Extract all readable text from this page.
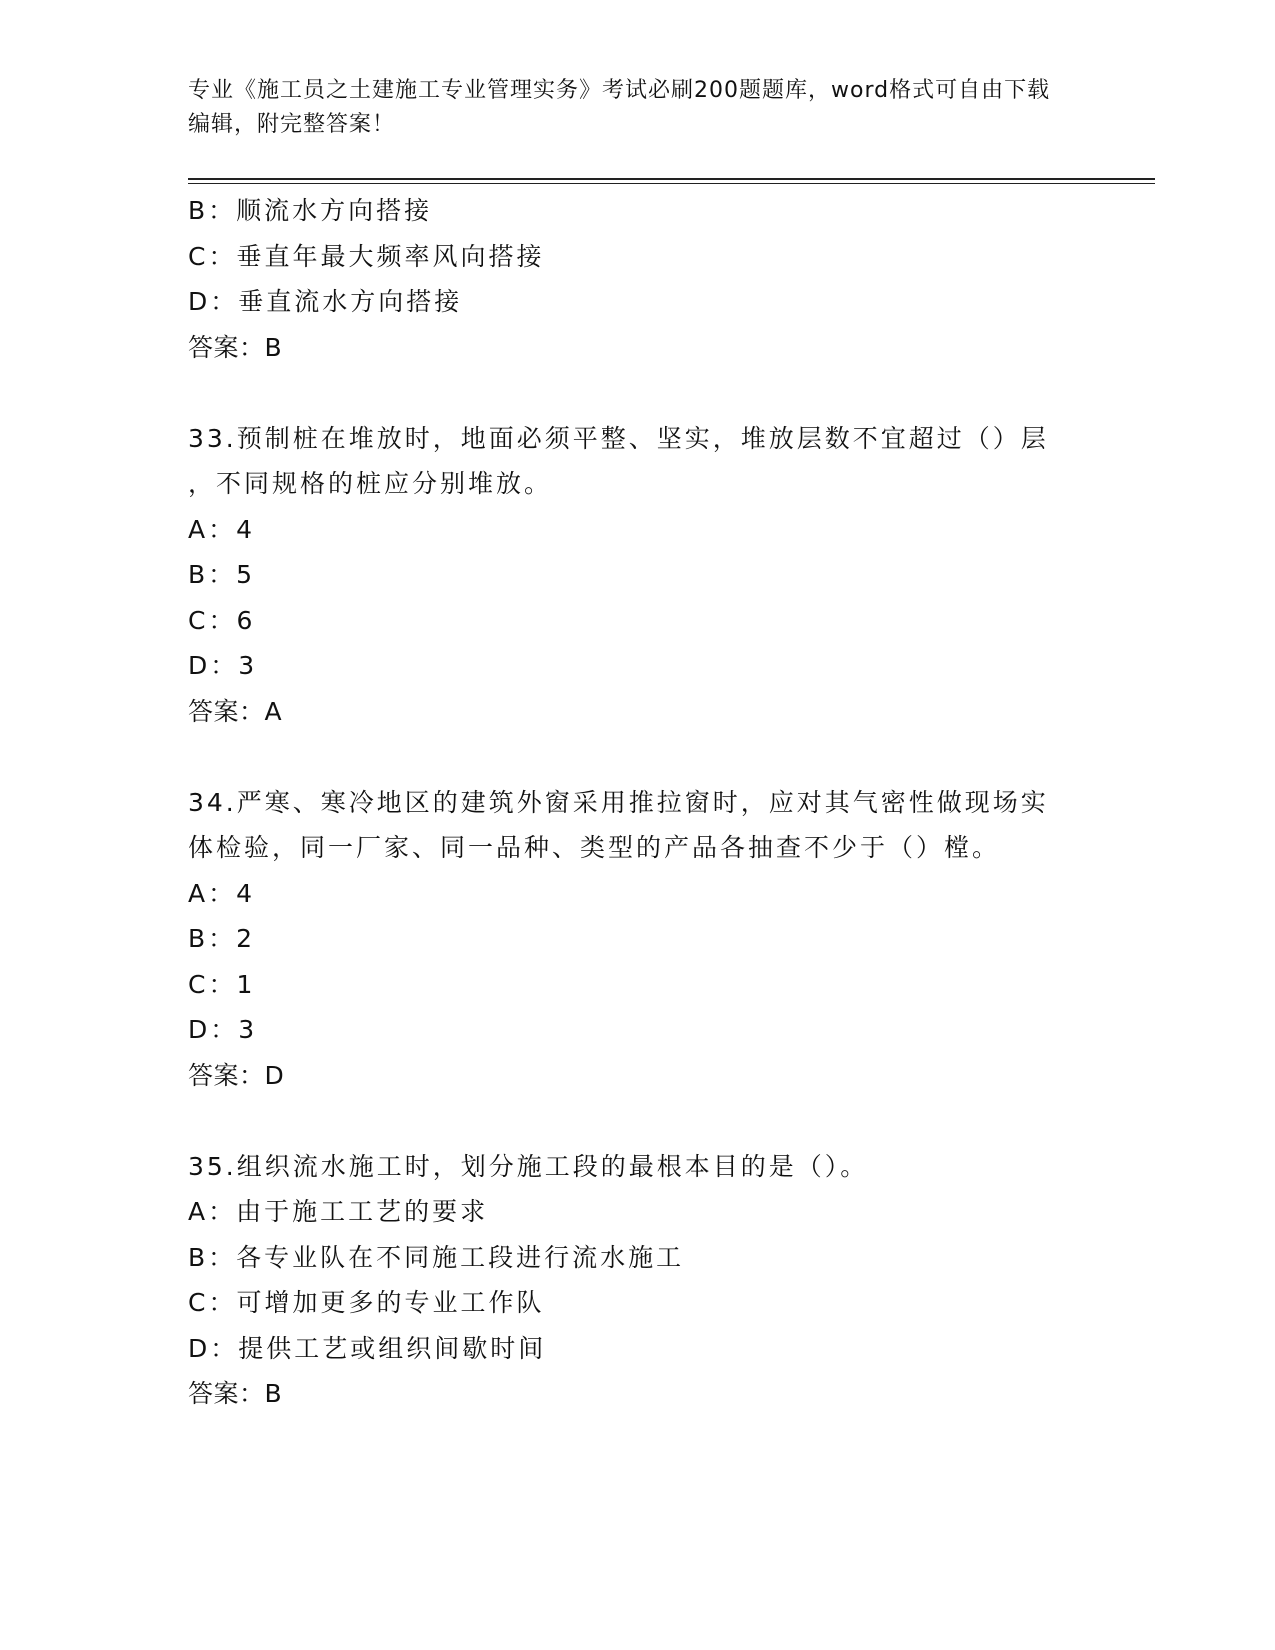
专业《施工员之土建施工专业管理实务》考试必刷200题题库，word格式可自由下载编辑，附完整答案！
B：顺流水方向搭接
C：垂直年最大频率风向搭接
D：垂直流水方向搭接
答案：B
33.预制桩在堆放时，地面必须平整、坚实，堆放层数不宜超过（）层
，不同规格的桩应分别堆放。
A：4
B：5
C：6
D：3
答案：A
34.严寒、寒冷地区的建筑外窗采用推拉窗时，应对其气密性做现场实
体检验，同一厂家、同一品种、类型的产品各抽查不少于（）樘。
A：4
B：2
C：1
D：3
答案：D
35.组织流水施工时，划分施工段的最根本目的是（）。
A：由于施工工艺的要求
B：各专业队在不同施工段进行流水施工
C：可增加更多的专业工作队
D：提供工艺或组织间歇时间
答案：B
